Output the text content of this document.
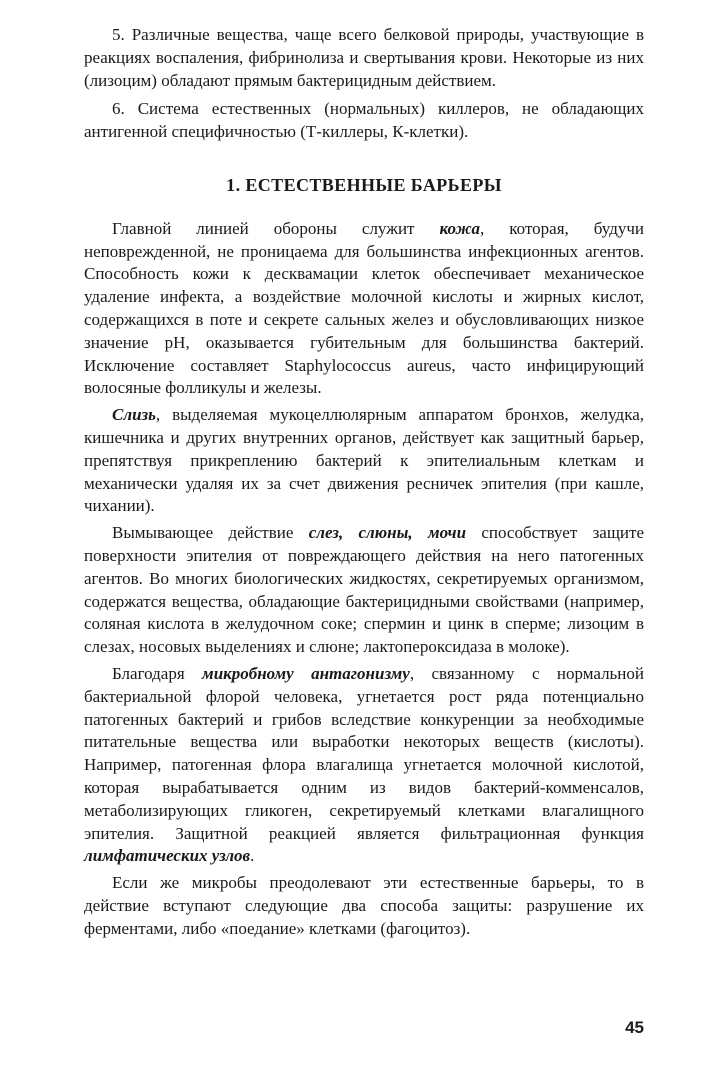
5. Различные вещества, чаще всего белковой природы, участвующие в реакциях воспаления, фибринолиза и свертывания крови. Некоторые из них (лизоцим) обладают прямым бактерицидным действием.

6. Система естественных (нормальных) киллеров, не обладающих антигенной специфичностью (Т-киллеры, К-клетки).

1. ЕСТЕСТВЕННЫЕ БАРЬЕРЫ

Главной линией обороны служит кожа, которая, будучи неповрежденной, не проницаема для большинства инфекционных агентов. Способность кожи к десквамации клеток обеспечивает механическое удаление инфекта, а воздействие молочной кислоты и жирных кислот, содержащихся в поте и секрете сальных желез и обусловливающих низкое значение pH, оказывается губительным для большинства бактерий. Исключение составляет Staphylococcus aureus, часто инфицирующий волосяные фолликулы и железы.

Слизь, выделяемая мукоцеллюлярным аппаратом бронхов, желудка, кишечника и других внутренних органов, действует как защитный барьер, препятствуя прикреплению бактерий к эпителиальным клеткам и механически удаляя их за счет движения ресничек эпителия (при кашле, чихании).

Вымывающее действие слез, слюны, мочи способствует защите поверхности эпителия от повреждающего действия на него патогенных агентов. Во многих биологических жидкостях, секретируемых организмом, содержатся вещества, обладающие бактерицидными свойствами (например, соляная кислота в желудочном соке; спермин и цинк в сперме; лизоцим в слезах, носовых выделениях и слюне; лактопероксидаза в молоке).

Благодаря микробному антагонизму, связанному с нормальной бактериальной флорой человека, угнетается рост ряда потенциально патогенных бактерий и грибов вследствие конкуренции за необходимые питательные вещества или выработки некоторых веществ (кислоты). Например, патогенная флора влагалища угнетается молочной кислотой, которая вырабатывается одним из видов бактерий-комменсалов, метаболизирующих гликоген, секретируемый клетками влагалищного эпителия. Защитной реакцией является фильтрационная функция лимфатических узлов.

Если же микробы преодолевают эти естественные барьеры, то в действие вступают следующие два способа защиты: разрушение их ферментами, либо «поедание» клетками (фагоцитоз).

45
